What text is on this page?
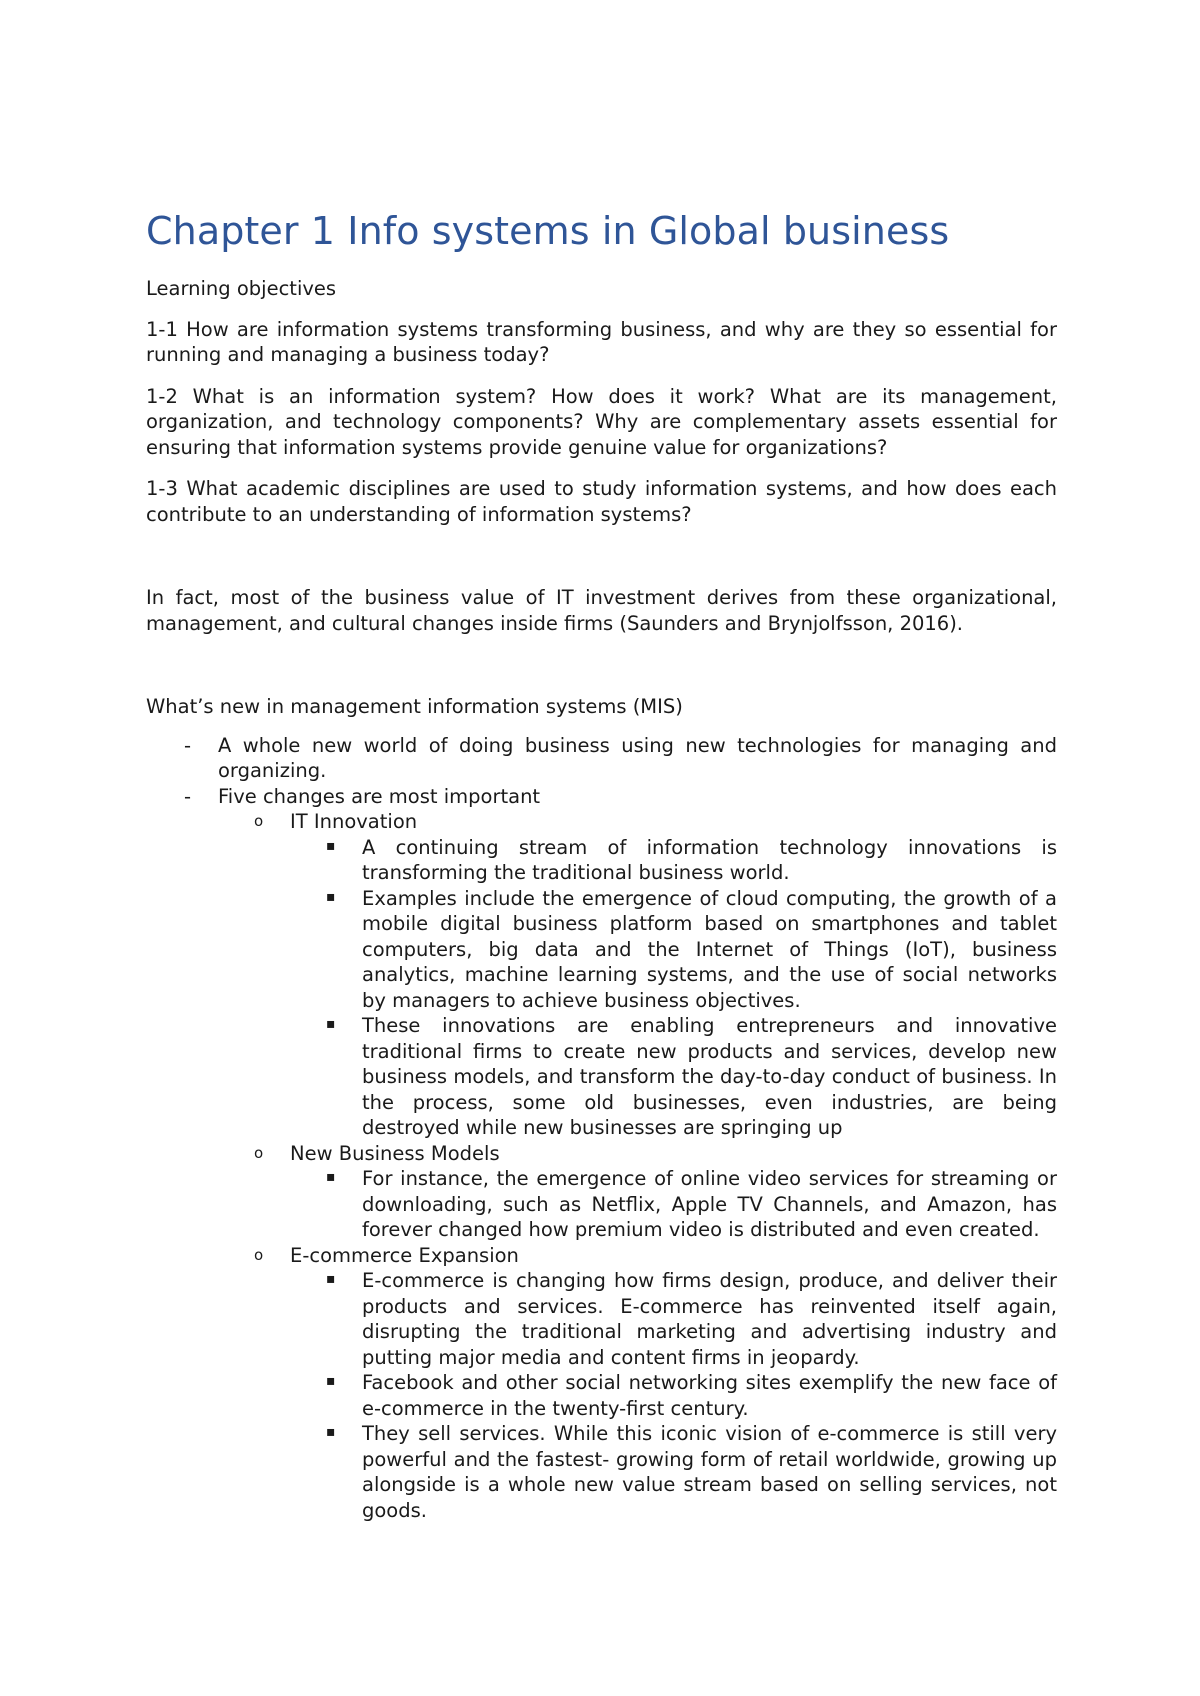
Chapter 1 Info systems in Global business

Learning objectives

1-1 How are information systems transforming business, and why are they so essential for running and managing a business today?

1-2 What is an information system? How does it work? What are its management, organization, and technology components? Why are complementary assets essential for ensuring that information systems provide genuine value for organizations?

1-3 What academic disciplines are used to study information systems, and how does each contribute to an understanding of information systems?

In fact, most of the business value of IT investment derives from these organizational, management, and cultural changes inside firms (Saunders and Brynjolfsson, 2016).

What’s new in management information systems (MIS)

-	A whole new world of doing business using new technologies for managing and organizing.
-	Five changes are most important
o	IT Innovation
▪	A continuing stream of information technology innovations is transforming the traditional business world.
▪	Examples include the emergence of cloud computing, the growth of a mobile digital business platform based on smartphones and tablet computers, big data and the Internet of Things (IoT), business analytics, machine learning systems, and the use of social networks by managers to achieve business objectives.
▪	These innovations are enabling entrepreneurs and innovative traditional firms to create new products and services, develop new business models, and transform the day-to-day conduct of business. In the process, some old businesses, even industries, are being destroyed while new businesses are springing up
o	New Business Models
▪	For instance, the emergence of online video services for streaming or downloading, such as Netflix, Apple TV Channels, and Amazon, has forever changed how premium video is distributed and even created.
o	E-commerce Expansion
▪	E-commerce is changing how firms design, produce, and deliver their products and services. E-commerce has reinvented itself again, disrupting the traditional marketing and advertising industry and putting major media and content firms in jeopardy.
▪	Facebook and other social networking sites exemplify the new face of e-commerce in the twenty-first century.
▪	They sell services. While this iconic vision of e-commerce is still very powerful and the fastest- growing form of retail worldwide, growing up alongside is a whole new value stream based on selling services, not goods.
